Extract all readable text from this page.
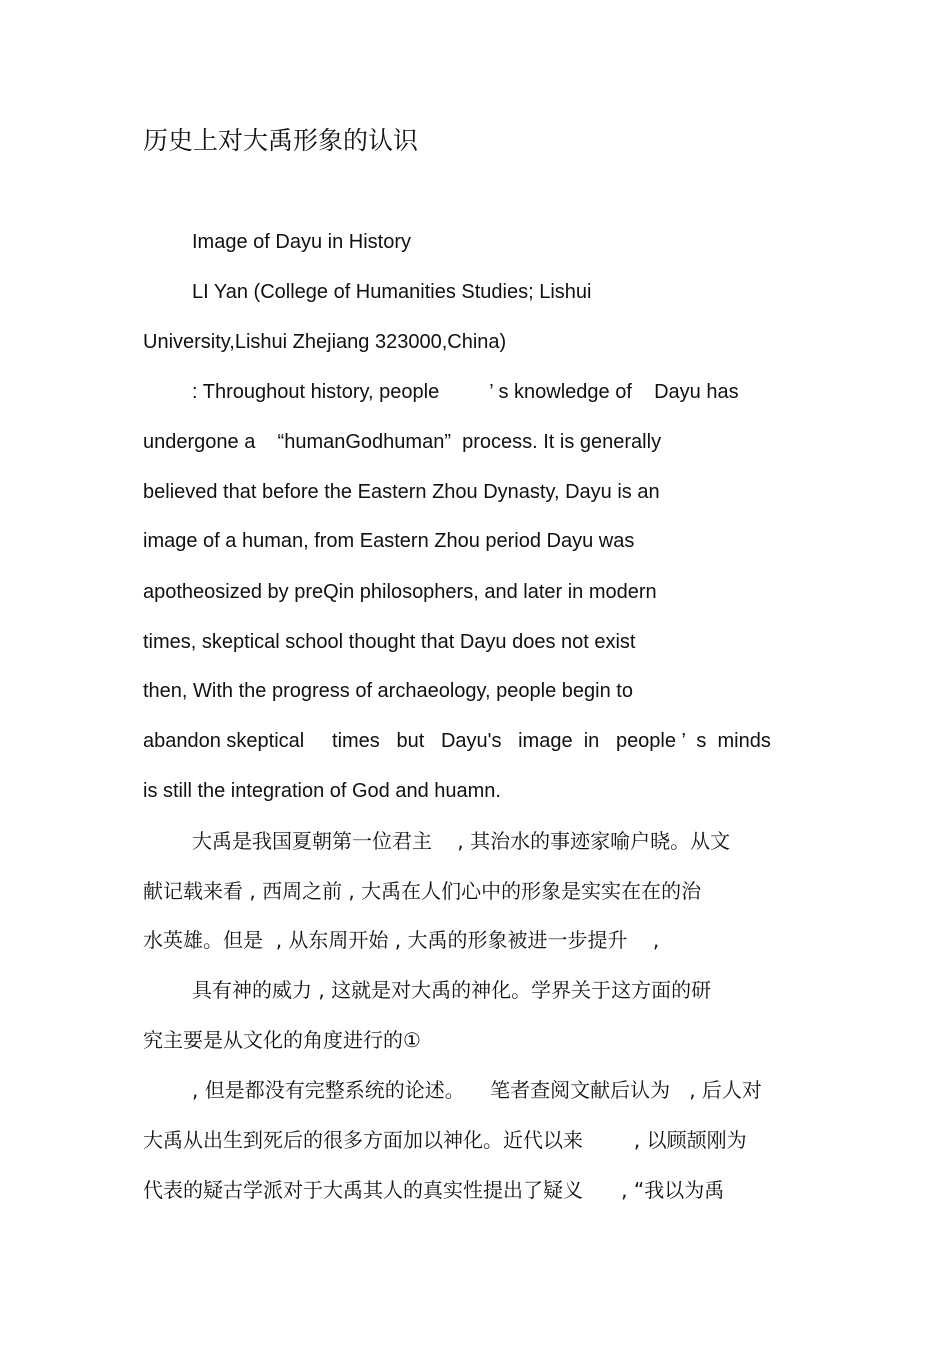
历史上对大禹形象的认识
Image of Dayu in History
LI Yan (College of Humanities Studies; Lishui
University,Lishui Zhejiang 323000,China)
: Throughout history, people         ’ s knowledge of    Dayu has
undergone a    “humanGodhuman”  process. It is generally
believed that before the Eastern Zhou Dynasty, Dayu is an
image of a human, from Eastern Zhou period Dayu was
apotheosized by preQin philosophers, and later in modern
times, skeptical school thought that Dayu does not exist
then, With the progress of archaeology, people begin to
abandon skeptical     times   but   Dayu's   image  in   people ’  s  minds
is still the integration of God and huamn.
大禹是我国夏朝第一位君主    , 其治水的事迹家喻户晓。从文
献记载来看 , 西周之前 , 大禹在人们心中的形象是实实在在的治
水英雄。但是  , 从东周开始 , 大禹的形象被进一步提升    ,
具有神的威力 , 这就是对大禹的神化。学界关于这方面的研
究主要是从文化的角度进行的①
, 但是都没有完整系统的论述。    笔者查阅文献后认为   , 后人对
大禹从出生到死后的很多方面加以神化。近代以来        , 以顾颉刚为
代表的疑古学派对于大禹其人的真实性提出了疑义      , “我以为禹
